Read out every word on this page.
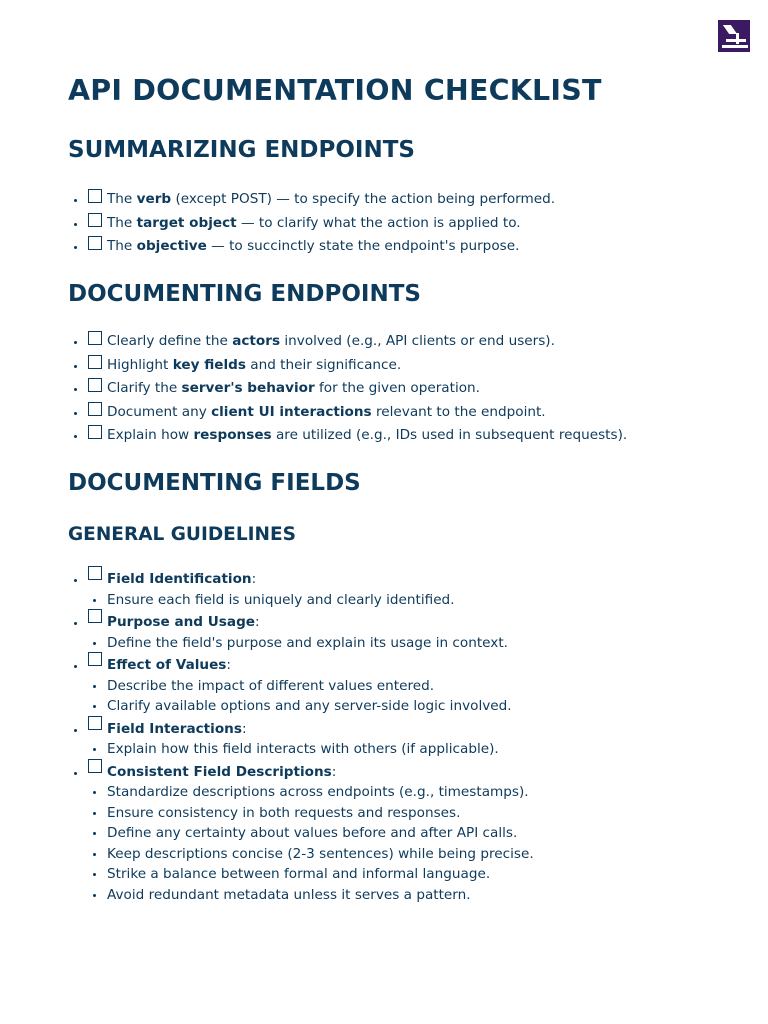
API DOCUMENTATION CHECKLIST
SUMMARIZING ENDPOINTS
The verb (except POST) — to specify the action being performed.
The target object — to clarify what the action is applied to.
The objective — to succinctly state the endpoint's purpose.
DOCUMENTING ENDPOINTS
Clearly define the actors involved (e.g., API clients or end users).
Highlight key fields and their significance.
Clarify the server's behavior for the given operation.
Document any client UI interactions relevant to the endpoint.
Explain how responses are utilized (e.g., IDs used in subsequent requests).
DOCUMENTING FIELDS
GENERAL GUIDELINES
Field Identification:
Ensure each field is uniquely and clearly identified.
Purpose and Usage:
Define the field's purpose and explain its usage in context.
Effect of Values:
Describe the impact of different values entered.
Clarify available options and any server-side logic involved.
Field Interactions:
Explain how this field interacts with others (if applicable).
Consistent Field Descriptions:
Standardize descriptions across endpoints (e.g., timestamps).
Ensure consistency in both requests and responses.
Define any certainty about values before and after API calls.
Keep descriptions concise (2-3 sentences) while being precise.
Strike a balance between formal and informal language.
Avoid redundant metadata unless it serves a pattern.
